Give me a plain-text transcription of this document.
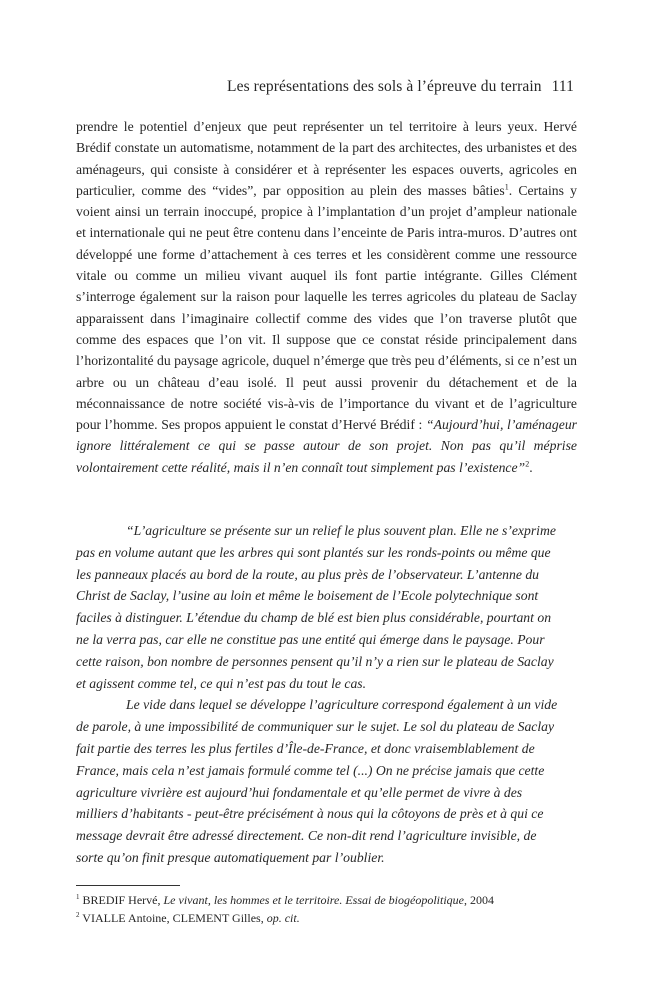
Les représentations des sols à l’épreuve du terrain 111

prendre le potentiel d’enjeux que peut représenter un tel territoire à leurs yeux. Hervé Brédif constate un automatisme, notamment de la part des architectes, des urbanistes et des aménageurs, qui consiste à considérer et à représenter les espaces ouverts, agricoles en particulier, comme des “vides”, par opposition au plein des masses bâties$^1$. Certains y voient ainsi un terrain inoccupé, propice à l’implantation d’un projet d’ampleur nationale et internationale qui ne peut être contenu dans l’enceinte de Paris intra-muros. D’autres ont développé une forme d’attachement à ces terres et les considèrent comme une ressource vitale ou comme un milieu vivant auquel ils font partie intégrante. Gilles Clément s’interroge également sur la raison pour laquelle les terres agricoles du plateau de Saclay apparaissent dans l’imaginaire collectif comme des vides que l’on traverse plutôt que comme des espaces que l’on vit. Il suppose que ce constat réside principalement dans l’horizontalité du paysage agricole, duquel n’émerge que très peu d’éléments, si ce n’est un arbre ou un château d’eau isolé. Il peut aussi provenir du détachement et de la méconnaissance de notre société vis-à-vis de l’importance du vivant et de l’agriculture pour l’homme. Ses propos appuient le constat d’Hervé Brédif : “Aujourd’hui, l’aménageur ignore littéralement ce qui se passe autour de son projet. Non pas qu’il méprise volontairement cette réalité, mais il n’en connaît tout simplement pas l’existence”$^2$.

“L’agriculture se présente sur un relief le plus souvent plan. Elle ne s’exprime pas en volume autant que les arbres qui sont plantés sur les ronds-points ou même que les panneaux placés au bord de la route, au plus près de l’observateur. L’antenne du Christ de Saclay, l’usine au loin et même le boisement de l’Ecole polytechnique sont faciles à distinguer. L’étendue du champ de blé est bien plus considérable, pourtant on ne la verra pas, car elle ne constitue pas une entité qui émerge dans le paysage. Pour cette raison, bon nombre de personnes pensent qu’il n’y a rien sur le plateau de Saclay et agissent comme tel, ce qui n’est pas du tout le cas.

Le vide dans lequel se développe l’agriculture correspond également à un vide de parole, à une impossibilité de communiquer sur le sujet. Le sol du plateau de Saclay fait partie des terres les plus fertiles d’Île-de-France, et donc vraisemblablement de France, mais cela n’est jamais formulé comme tel (...) On ne précise jamais que cette agriculture vivrière est aujourd’hui fondamentale et qu’elle permet de vivre à des milliers d’habitants - peut-être précisément à nous qui la côtoyons de près et à qui ce message devrait être adressé directement. Ce non-dit rend l’agriculture invisible, de sorte qu’on finit presque automatiquement par l’oublier.

$^1$ BREDIF Hervé, Le vivant, les hommes et le territoire. Essai de biogéopolitique, 2004
$^2$ VIALLE Antoine, CLEMENT Gilles, op. cit.
